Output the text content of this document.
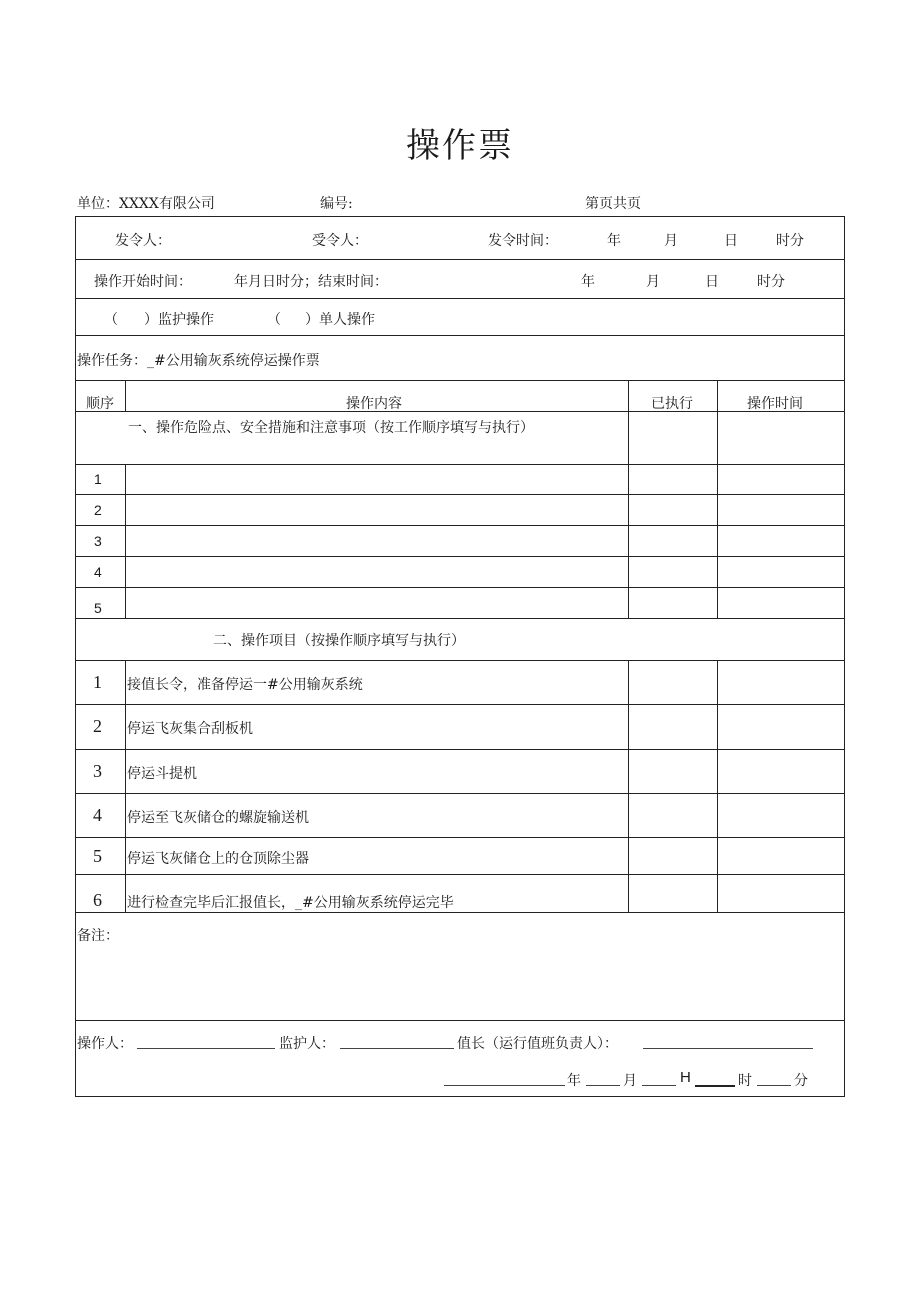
操作票
单位：XXXX有限公司	编号:	第页共页
发令人：	受令人：	发令时间：	年	月	日	时分
操作开始时间：	年月日时分；结束时间：	年	月	日	时分
（ ）监护操作	（ ）单人操作
操作任务：_#公用输灰系统停运操作票
顺序	操作内容	已执行	操作时间
一、操作危险点、安全措施和注意事项（按工作顺序填写与执行）
1
2
3
4
5
二、操作项目（按操作顺序填写与执行）
1 接值长令，准备停运一#公用输灰系统
2 停运飞灰集合刮板机
3 停运斗提机
4 停运至飞灰储仓的螺旋输送机
5 停运飞灰储仓上的仓顶除尘器
6 进行检查完毕后汇报值长，_#公用输灰系统停运完毕
备注：
操作人：	监护人：	值长（运行值班负责人）：
年	月	H	时	分
